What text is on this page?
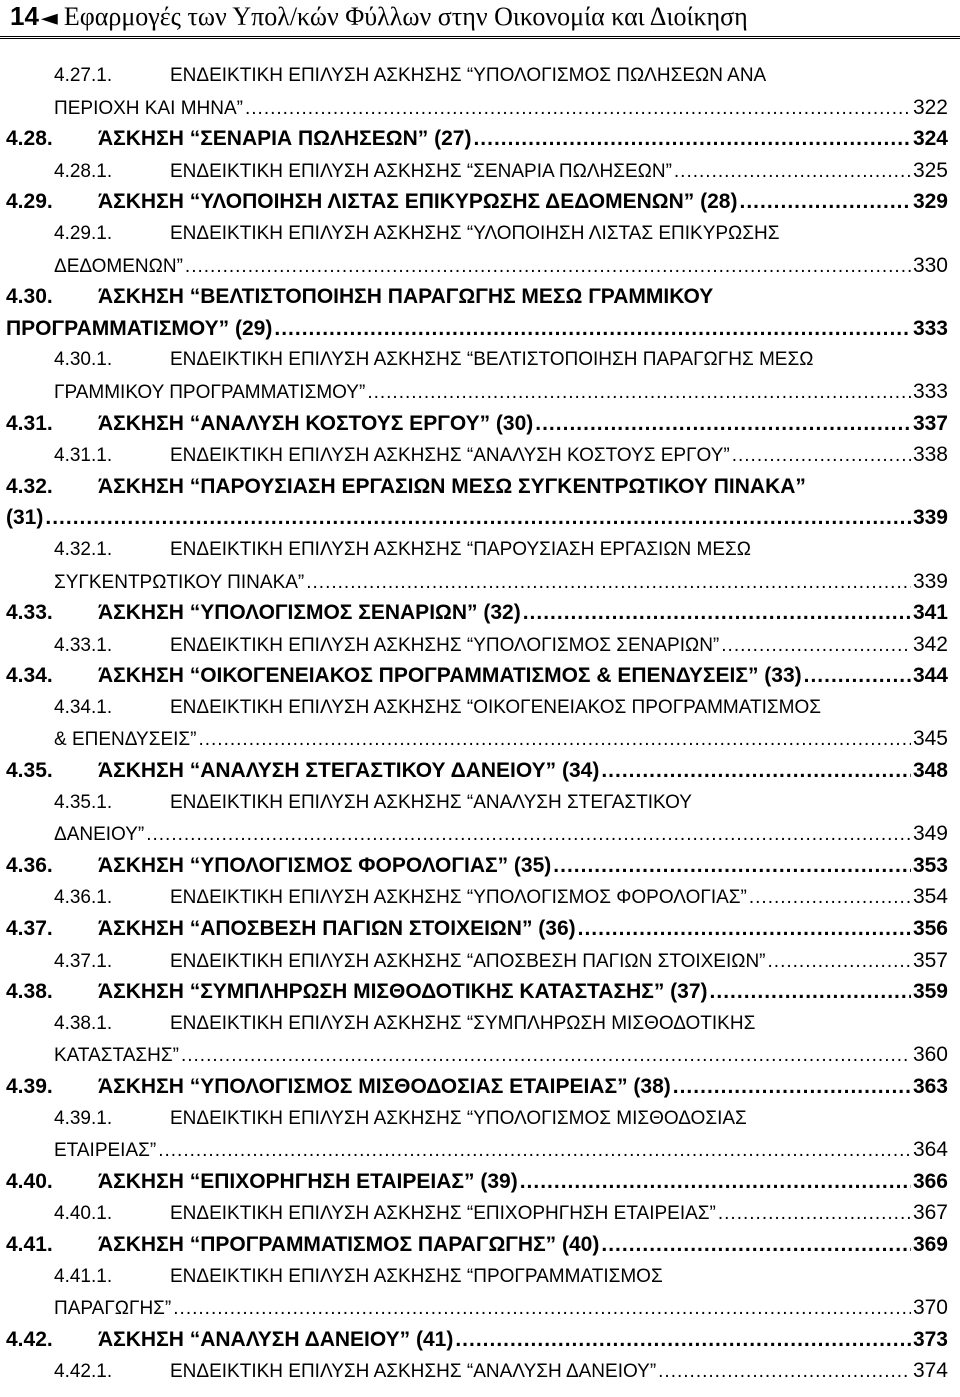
14◄ Εφαρμογές των Υπολ/κών Φύλλων στην Οικονομία και Διοίκηση
4.27.1.	ΕΝΔΕΙΚΤΙΚΗ ΕΠΙΛΥΣΗ ΑΣΚΗΣΗΣ “ΥΠΟΛΟΓΙΣΜΟΣ ΠΩΛΗΣΕΩΝ ΑΝΑ
ΠΕΡΙΟΧΗ ΚΑΙ ΜΗΝΑ” .....	322
4.28.	ΆΣΚΗΣΗ “ΣΕΝΑΡΙΑ ΠΩΛΗΣΕΩΝ” (27) .....	324
4.28.1.	ΕΝΔΕΙΚΤΙΚΗ ΕΠΙΛΥΣΗ ΑΣΚΗΣΗΣ “ΣΕΝΑΡΙΑ ΠΩΛΗΣΕΩΝ” .....	325
4.29.	ΆΣΚΗΣΗ “ΥΛΟΠΟΙΗΣΗ ΛΙΣΤΑΣ ΕΠΙΚΥΡΩΣΗΣ ΔΕΔΟΜΕΝΩΝ” (28) .....	329
4.29.1.	ΕΝΔΕΙΚΤΙΚΗ ΕΠΙΛΥΣΗ ΑΣΚΗΣΗΣ “ΥΛΟΠΟΙΗΣΗ ΛΙΣΤΑΣ ΕΠΙΚΥΡΩΣΗΣ
ΔΕΔΟΜΕΝΩΝ” .....	330
4.30.	ΆΣΚΗΣΗ “ΒΕΛΤΙΣΤΟΠΟΙΗΣΗ ΠΑΡΑΓΩΓΗΣ ΜΕΣΩ ΓΡΑΜΜΙΚΟΥ
ΠΡΟΓΡΑΜΜΑΤΙΣΜΟΥ” (29) .....	333
4.30.1.	ΕΝΔΕΙΚΤΙΚΗ ΕΠΙΛΥΣΗ ΑΣΚΗΣΗΣ “ΒΕΛΤΙΣΤΟΠΟΙΗΣΗ ΠΑΡΑΓΩΓΗΣ ΜΕΣΩ
ΓΡΑΜΜΙΚΟΥ ΠΡΟΓΡΑΜΜΑΤΙΣΜΟΥ” .....	333
4.31.	ΆΣΚΗΣΗ “ΑΝΑΛΥΣΗ ΚΟΣΤΟΥΣ ΕΡΓΟΥ” (30) .....	337
4.31.1.	ΕΝΔΕΙΚΤΙΚΗ ΕΠΙΛΥΣΗ ΑΣΚΗΣΗΣ “ΑΝΑΛΥΣΗ ΚΟΣΤΟΥΣ ΕΡΓΟΥ” .....	338
4.32.	ΆΣΚΗΣΗ “ΠΑΡΟΥΣΙΑΣΗ ΕΡΓΑΣΙΩΝ ΜΕΣΩ ΣΥΓΚΕΝΤΡΩΤΙΚΟΥ ΠΙΝΑΚΑ”
(31) .....	339
4.32.1.	ΕΝΔΕΙΚΤΙΚΗ ΕΠΙΛΥΣΗ ΑΣΚΗΣΗΣ “ΠΑΡΟΥΣΙΑΣΗ ΕΡΓΑΣΙΩΝ ΜΕΣΩ
ΣΥΓΚΕΝΤΡΩΤΙΚΟΥ ΠΙΝΑΚΑ” .....	339
4.33.	ΆΣΚΗΣΗ “ΥΠΟΛΟΓΙΣΜΟΣ ΣΕΝΑΡΙΩΝ” (32) .....	341
4.33.1.	ΕΝΔΕΙΚΤΙΚΗ ΕΠΙΛΥΣΗ ΑΣΚΗΣΗΣ “ΥΠΟΛΟΓΙΣΜΟΣ ΣΕΝΑΡΙΩΝ” .....	342
4.34.	ΆΣΚΗΣΗ “ΟΙΚΟΓΕΝΕΙΑΚΟΣ ΠΡΟΓΡΑΜΜΑΤΙΣΜΟΣ & ΕΠΕΝΔΥΣΕΙΣ” (33) .....	344
4.34.1.	ΕΝΔΕΙΚΤΙΚΗ ΕΠΙΛΥΣΗ ΑΣΚΗΣΗΣ “ΟΙΚΟΓΕΝΕΙΑΚΟΣ ΠΡΟΓΡΑΜΜΑΤΙΣΜΟΣ
& ΕΠΕΝΔΥΣΕΙΣ” .....	345
4.35.	ΆΣΚΗΣΗ “ΑΝΑΛΥΣΗ ΣΤΕΓΑΣΤΙΚΟΥ ΔΑΝΕΙΟΥ” (34) .....	348
4.35.1.	ΕΝΔΕΙΚΤΙΚΗ ΕΠΙΛΥΣΗ ΑΣΚΗΣΗΣ “ΑΝΑΛΥΣΗ ΣΤΕΓΑΣΤΙΚΟΥ
ΔΑΝΕΙΟΥ” .....	349
4.36.	ΆΣΚΗΣΗ “ΥΠΟΛΟΓΙΣΜΟΣ ΦΟΡΟΛΟΓΙΑΣ” (35) .....	353
4.36.1.	ΕΝΔΕΙΚΤΙΚΗ ΕΠΙΛΥΣΗ ΑΣΚΗΣΗΣ “ΥΠΟΛΟΓΙΣΜΟΣ ΦΟΡΟΛΟΓΙΑΣ” .....	354
4.37.	ΆΣΚΗΣΗ “ΑΠΟΣΒΕΣΗ ΠΑΓΙΩΝ ΣΤΟΙΧΕΙΩΝ” (36) .....	356
4.37.1.	ΕΝΔΕΙΚΤΙΚΗ ΕΠΙΛΥΣΗ ΑΣΚΗΣΗΣ “ΑΠΟΣΒΕΣΗ ΠΑΓΙΩΝ ΣΤΟΙΧΕΙΩΝ” .....	357
4.38.	ΆΣΚΗΣΗ “ΣΥΜΠΛΗΡΩΣΗ ΜΙΣΘΟΔΟΤΙΚΗΣ ΚΑΤΑΣΤΑΣΗΣ” (37) .....	359
4.38.1.	ΕΝΔΕΙΚΤΙΚΗ ΕΠΙΛΥΣΗ ΑΣΚΗΣΗΣ “ΣΥΜΠΛΗΡΩΣΗ ΜΙΣΘΟΔΟΤΙΚΗΣ
ΚΑΤΑΣΤΑΣΗΣ” .....	360
4.39.	ΆΣΚΗΣΗ “ΥΠΟΛΟΓΙΣΜΟΣ ΜΙΣΘΟΔΟΣΙΑΣ ΕΤΑΙΡΕΙΑΣ” (38) .....	363
4.39.1.	ΕΝΔΕΙΚΤΙΚΗ ΕΠΙΛΥΣΗ ΑΣΚΗΣΗΣ “ΥΠΟΛΟΓΙΣΜΟΣ ΜΙΣΘΟΔΟΣΙΑΣ
ΕΤΑΙΡΕΙΑΣ” .....	364
4.40.	ΆΣΚΗΣΗ “ΕΠΙΧΟΡΗΓΗΣΗ ΕΤΑΙΡΕΙΑΣ” (39) .....	366
4.40.1.	ΕΝΔΕΙΚΤΙΚΗ ΕΠΙΛΥΣΗ ΑΣΚΗΣΗΣ “ΕΠΙΧΟΡΗΓΗΣΗ ΕΤΑΙΡΕΙΑΣ” .....	367
4.41.	ΆΣΚΗΣΗ “ΠΡΟΓΡΑΜΜΑΤΙΣΜΟΣ ΠΑΡΑΓΩΓΗΣ” (40) .....	369
4.41.1.	ΕΝΔΕΙΚΤΙΚΗ ΕΠΙΛΥΣΗ ΑΣΚΗΣΗΣ “ΠΡΟΓΡΑΜΜΑΤΙΣΜΟΣ
ΠΑΡΑΓΩΓΗΣ” .....	370
4.42.	ΆΣΚΗΣΗ “ΑΝΑΛΥΣΗ ΔΑΝΕΙΟΥ” (41) .....	373
4.42.1.	ΕΝΔΕΙΚΤΙΚΗ ΕΠΙΛΥΣΗ ΑΣΚΗΣΗΣ “ΑΝΑΛΥΣΗ ΔΑΝΕΙΟΥ” .....	374
